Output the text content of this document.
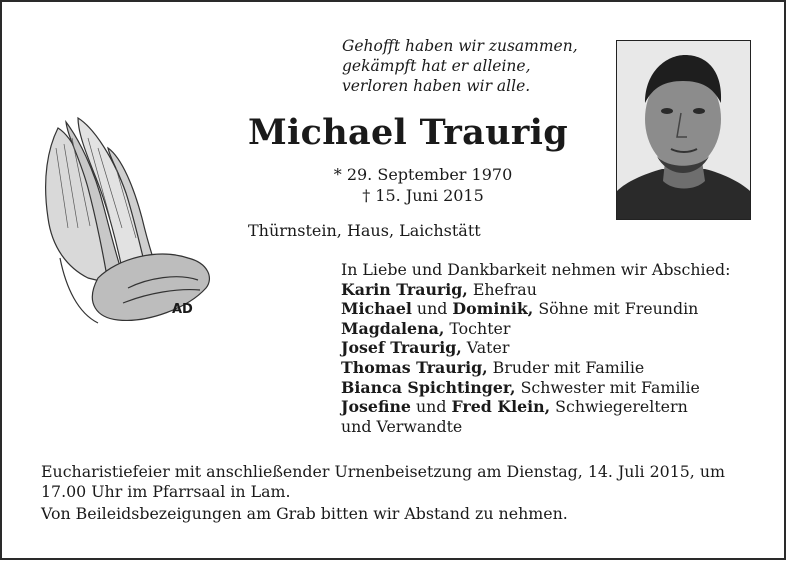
AD
Gehofft haben wir zusammen,
gekämpft hat er alleine,
verloren haben wir alle.
Michael Traurig
* 29. September 1970
† 15. Juni 2015
Thürnstein, Haus, Laichstätt
In Liebe und Dankbarkeit nehmen wir Abschied:
Karin Traurig, Ehefrau
Michael und Dominik, Söhne mit Freundin
Magdalena, Tochter
Josef Traurig, Vater
Thomas Traurig, Bruder mit Familie
Bianca Spichtinger, Schwester mit Familie
Josefine und Fred Klein, Schwiegereltern
und Verwandte

Eucharistiefeier mit anschließender Urnenbeisetzung am Dienstag, 14. Juli 2015, um 17.00 Uhr im Pfarrsaal in Lam.

Von Beileidsbezeigungen am Grab bitten wir Abstand zu nehmen.
